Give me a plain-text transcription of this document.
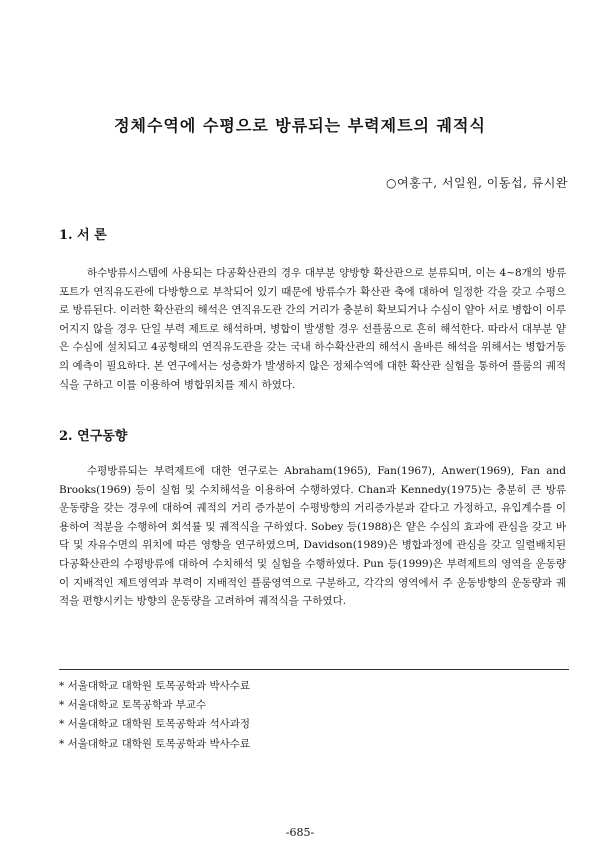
정체수역에 수평으로 방류되는 부력제트의 궤적식
○여홍구, 서일원, 이동섭, 류시완
1. 서 론

하수방류시스템에 사용되는 다공확산관의 경우 대부분 양방향 확산관으로 분류되며, 이는 4~8개의 방류포트가 연직유도관에 다방향으로 부착되어 있기 때문에 방류수가 확산관 축에 대하여 일정한 각을 갖고 수평으로 방류된다. 이러한 확산관의 해석은 연직유도관 간의 거리가 충분히 확보되거나 수심이 얕아 서로 병합이 이루어지지 않을 경우 단일 부력 제트로 해석하며, 병합이 발생할 경우 선플룸으로 흔히 해석한다. 따라서 대부분 얕은 수심에 설치되고 4공형태의 연직유도관을 갖는 국내 하수확산관의 해석시 올바른 해석을 위해서는 병합거동의 예측이 필요하다. 본 연구에서는 성층화가 발생하지 않은 정체수역에 대한 확산관 실험을 통하여 플룸의 궤적식을 구하고 이를 이용하여 병합위치를 제시 하였다.

2. 연구동향

수평방류되는 부력제트에 대한 연구로는 Abraham(1965), Fan(1967), Anwer(1969), Fan and Brooks(1969) 등이 실험 및 수치해석을 이용하여 수행하였다. Chan과 Kennedy(1975)는 충분히 큰 방류 운동량을 갖는 경우에 대하여 궤적의 거리 증가분이 수평방향의 거리증가분과 같다고 가정하고, 유입계수를 이용하여 적분을 수행하여 회석률 및 궤적식을 구하였다. Sobey 등(1988)은 얕은 수심의 효과에 관심을 갖고 바닥 및 자유수면의 위치에 따른 영향을 연구하였으며, Davidson(1989)은 병합과정에 관심을 갖고 일렬배치된 다공확산관의 수평방류에 대하여 수치해석 및 실험을 수행하였다. Pun 등(1999)은 부력제트의 영역을 운동량이 지배적인 제트영역과 부력이 지배적인 플룸영역으로 구분하고, 각각의 영역에서 주 운동방향의 운동량과 궤적을 편향시키는 방향의 운동량을 고려하여 궤적식을 구하였다.

* 서울대학교 대학원 토목공학과 박사수료
* 서울대학교 토목공학과 부교수
* 서울대학교 대학원 토목공학과 석사과정
* 서울대학교 대학원 토목공학과 박사수료
-685-
